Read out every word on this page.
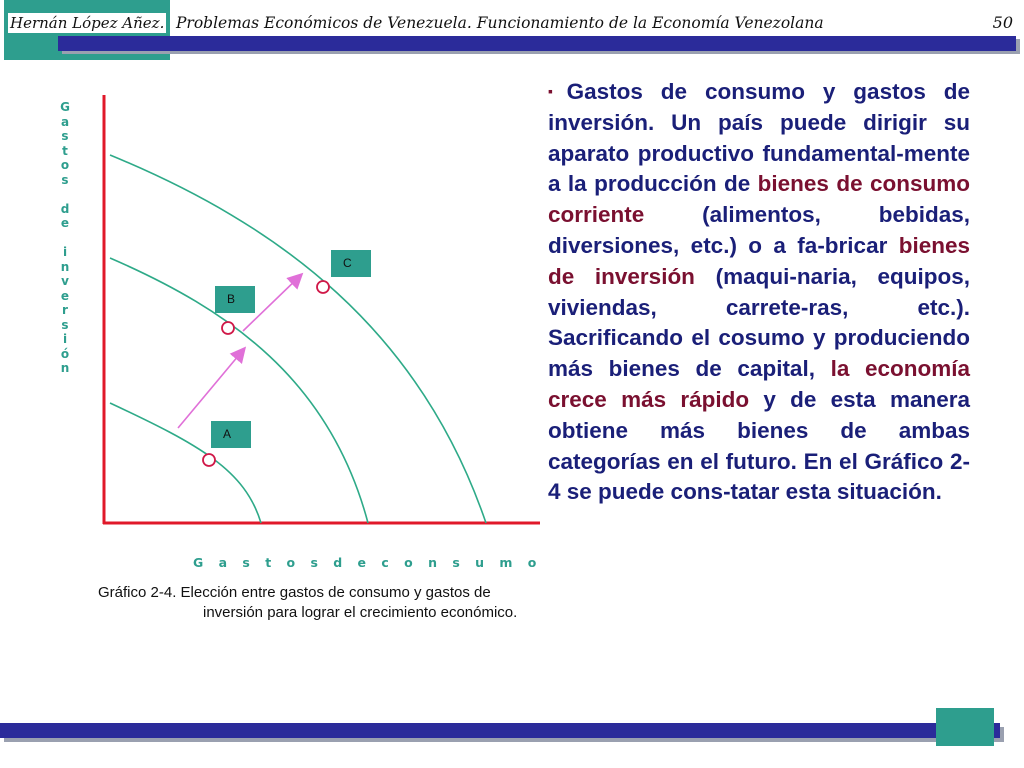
Hernán López Añez. Problemas Económicos de Venezuela. Funcionamiento de la Economía Venezolana	50
G
a
s
t
o
s

d
e

i
n
v
e
r
s
i
ó
n
G a s t o s d e c o n s u m o
C
B
A
Gráfico 2-4. Elección entre gastos de consumo y gastos de
inversión para lograr el crecimiento económico.
▪Gastos de consumo y gastos de inversión. Un país puede dirigir su aparato productivo fundamental-mente a la producción de bienes de consumo corriente (alimentos, bebidas, diversiones, etc.) o a fa-bricar bienes de inversión (maqui-naria, equipos, viviendas, carrete-ras, etc.). Sacrificando el cosumo y produciendo más bienes de capital, la economía crece más rápido y de esta manera obtiene más bienes de ambas categorías en el futuro. En el Gráfico 2-4 se puede cons-tatar esta situación.
